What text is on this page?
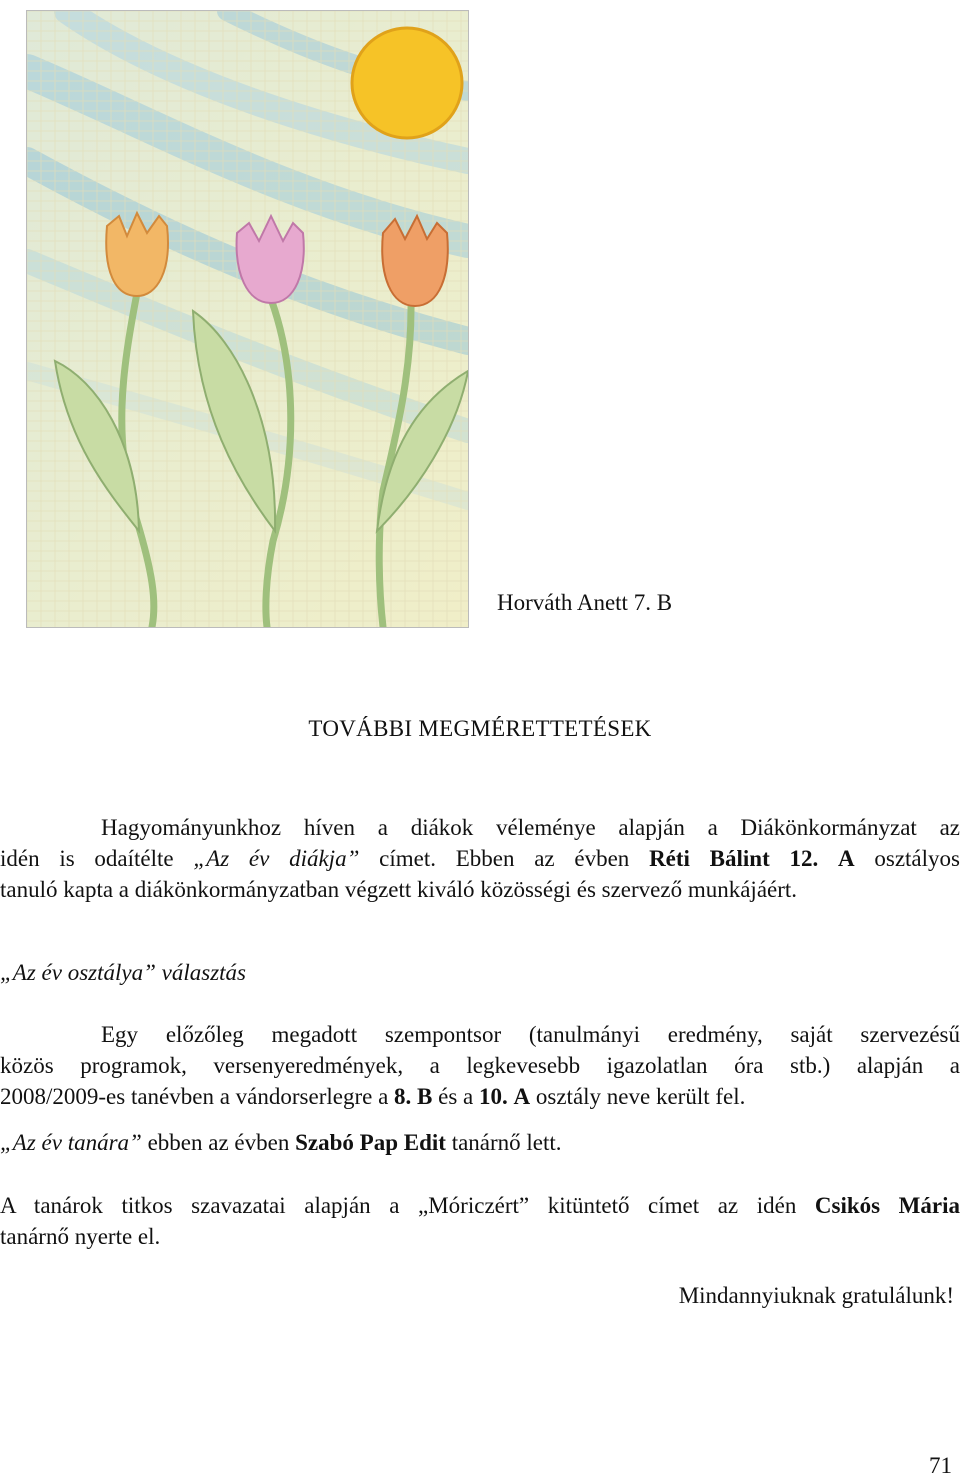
Horváth Anett 7. B
TOVÁBBI MEGMÉRETTETÉSEK
Hagyományunkhoz híven a diákok véleménye alapján a Diákönkormányzat az
idén is odaítélte „Az év diákja” címet. Ebben az évben Réti Bálint 12. A osztályos
tanuló kapta a diákönkormányzatban végzett kiváló közösségi és szervező munkájáért.
„Az év osztálya” választás
Egy előzőleg megadott szempontsor (tanulmányi eredmény, saját szervezésű
közös programok, versenyeredmények, a legkevesebb igazolatlan óra stb.) alapján a
2008/2009-es tanévben a vándorserlegre a 8. B és a 10. A osztály neve került fel.
„Az év tanára” ebben az évben Szabó Pap Edit tanárnő lett.
A tanárok titkos szavazatai alapján a „Móriczért” kitüntető címet az idén Csikós Mária
tanárnő nyerte el.
Mindannyiuknak gratulálunk!
71
